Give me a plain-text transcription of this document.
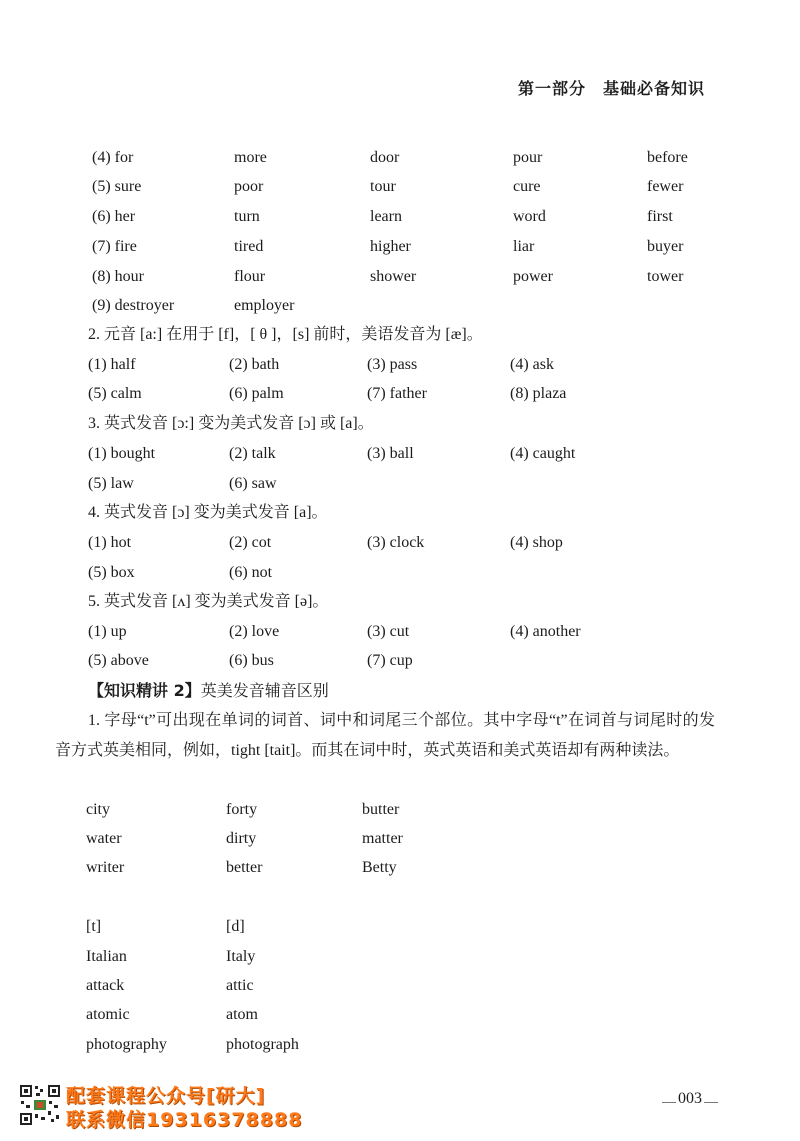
第一部分　基础必备知识
(4) for	more	door	pour	before
(5) sure	poor	tour	cure	fewer
(6) her	turn	learn	word	first
(7) fire	tired	higher	liar	buyer
(8) hour	flour	shower	power	tower
(9) destroyer	employer
2. 元音 [a:] 在用于 [f]，[ θ ]，[s] 前时，美语发音为 [æ]。
(1) half	(2) bath	(3) pass	(4) ask
(5) calm	(6) palm	(7) father	(8) plaza
3. 英式发音 [ɔ:] 变为美式发音 [ɔ] 或 [a]。
(1) bought	(2) talk	(3) ball	(4) caught
(5) law	(6) saw
4. 英式发音 [ɔ] 变为美式发音 [a]。
(1) hot	(2) cot	(3) clock	(4) shop
(5) box	(6) not
5. 英式发音 [ʌ] 变为美式发音 [ə]。
(1) up	(2) love	(3) cut	(4) another
(5) above	(6) bus	(7) cup
【知识精讲 2】英美发音辅音区别
1. 字母“t”可出现在单词的词首、词中和词尾三个部位。其中字母“t”在词首与词尾时的发音方式英美相同，例如，tight [tait]。而其在词中时，英式英语和美式英语却有两种读法。
city	forty	butter
water	dirty	matter
writer	better	Betty
[t]	[d]
Italian	Italy
attack	attic
atomic	atom
photography	photograph
配套课程公众号[研大]
联系微信19316378888
003
